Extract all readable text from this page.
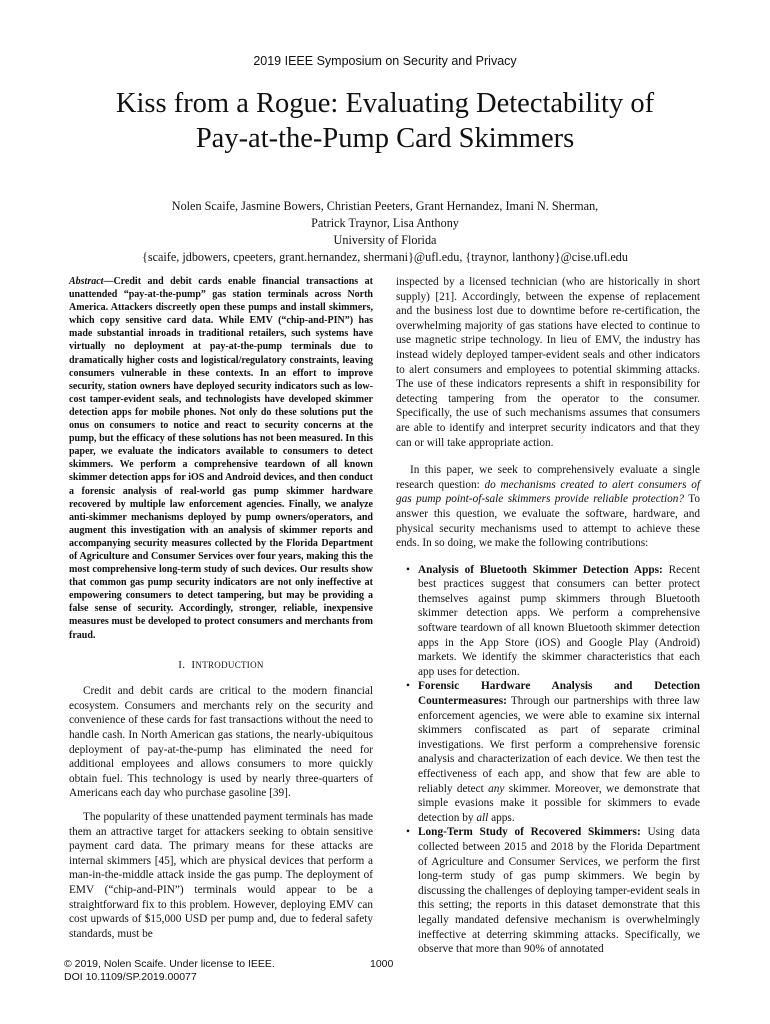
2019 IEEE Symposium on Security and Privacy
Kiss from a Rogue: Evaluating Detectability of
Pay-at-the-Pump Card Skimmers
Nolen Scaife, Jasmine Bowers, Christian Peeters, Grant Hernandez, Imani N. Sherman,
Patrick Traynor, Lisa Anthony
University of Florida
{scaife, jdbowers, cpeeters, grant.hernandez, shermani}@ufl.edu, {traynor, lanthony}@cise.ufl.edu
Abstract—Credit and debit cards enable financial transactions at unattended “pay-at-the-pump” gas station terminals across North America. Attackers discreetly open these pumps and install skimmers, which copy sensitive card data. While EMV (“chip-and-PIN”) has made substantial inroads in traditional retailers, such systems have virtually no deployment at pay-at-the-pump terminals due to dramatically higher costs and logistical/regulatory constraints, leaving consumers vulnerable in these contexts. In an effort to improve security, station owners have deployed security indicators such as low-cost tamper-evident seals, and technologists have developed skimmer detection apps for mobile phones. Not only do these solutions put the onus on consumers to notice and react to security concerns at the pump, but the efficacy of these solutions has not been measured. In this paper, we evaluate the indicators available to consumers to detect skimmers. We perform a comprehensive teardown of all known skimmer detection apps for iOS and Android devices, and then conduct a forensic analysis of real-world gas pump skimmer hardware recovered by multiple law enforcement agencies. Finally, we analyze anti-skimmer mechanisms deployed by pump owners/operators, and augment this investigation with an analysis of skimmer reports and accompanying security measures collected by the Florida Department of Agriculture and Consumer Services over four years, making this the most comprehensive long-term study of such devices. Our results show that common gas pump security indicators are not only ineffective at empowering consumers to detect tampering, but may be providing a false sense of security. Accordingly, stronger, reliable, inexpensive measures must be developed to protect consumers and merchants from fraud.
I. INTRODUCTION

Credit and debit cards are critical to the modern financial ecosystem. Consumers and merchants rely on the security and convenience of these cards for fast transactions without the need to handle cash. In North American gas stations, the nearly-ubiquitous deployment of pay-at-the-pump has eliminated the need for additional employees and allows consumers to more quickly obtain fuel. This technology is used by nearly three-quarters of Americans each day who purchase gasoline [39].

The popularity of these unattended payment terminals has made them an attractive target for attackers seeking to obtain sensitive payment card data. The primary means for these attacks are internal skimmers [45], which are physical devices that perform a man-in-the-middle attack inside the gas pump. The deployment of EMV (“chip-and-PIN”) terminals would appear to be a straightforward fix to this problem. However, deploying EMV can cost upwards of $15,000 USD per pump and, due to federal safety standards, must be

inspected by a licensed technician (who are historically in short supply) [21]. Accordingly, between the expense of replacement and the business lost due to downtime before re-certification, the overwhelming majority of gas stations have elected to continue to use magnetic stripe technology. In lieu of EMV, the industry has instead widely deployed tamper-evident seals and other indicators to alert consumers and employees to potential skimming attacks. The use of these indicators represents a shift in responsibility for detecting tampering from the operator to the consumer. Specifically, the use of such mechanisms assumes that consumers are able to identify and interpret security indicators and that they can or will take appropriate action.

In this paper, we seek to comprehensively evaluate a single research question: do mechanisms created to alert consumers of gas pump point-of-sale skimmers provide reliable protection? To answer this question, we evaluate the software, hardware, and physical security mechanisms used to attempt to achieve these ends. In so doing, we make the following contributions:

• Analysis of Bluetooth Skimmer Detection Apps: Recent best practices suggest that consumers can better protect themselves against pump skimmers through Bluetooth skimmer detection apps. We perform a comprehensive software teardown of all known Bluetooth skimmer detection apps in the App Store (iOS) and Google Play (Android) markets. We identify the skimmer characteristics that each app uses for detection.
• Forensic Hardware Analysis and Detection Countermeasures: Through our partnerships with three law enforcement agencies, we were able to examine six internal skimmers confiscated as part of separate criminal investigations. We first perform a comprehensive forensic analysis and characterization of each device. We then test the effectiveness of each app, and show that few are able to reliably detect any skimmer. Moreover, we demonstrate that simple evasions make it possible for skimmers to evade detection by all apps.
• Long-Term Study of Recovered Skimmers: Using data collected between 2015 and 2018 by the Florida Department of Agriculture and Consumer Services, we perform the first long-term study of gas pump skimmers. We begin by discussing the challenges of deploying tamper-evident seals in this setting; the reports in this dataset demonstrate that this legally mandated defensive mechanism is overwhelmingly ineffective at deterring skimming attacks. Specifically, we observe that more than 90% of annotated
© 2019, Nolen Scaife. Under license to IEEE.
DOI 10.1109/SP.2019.00077
1000
